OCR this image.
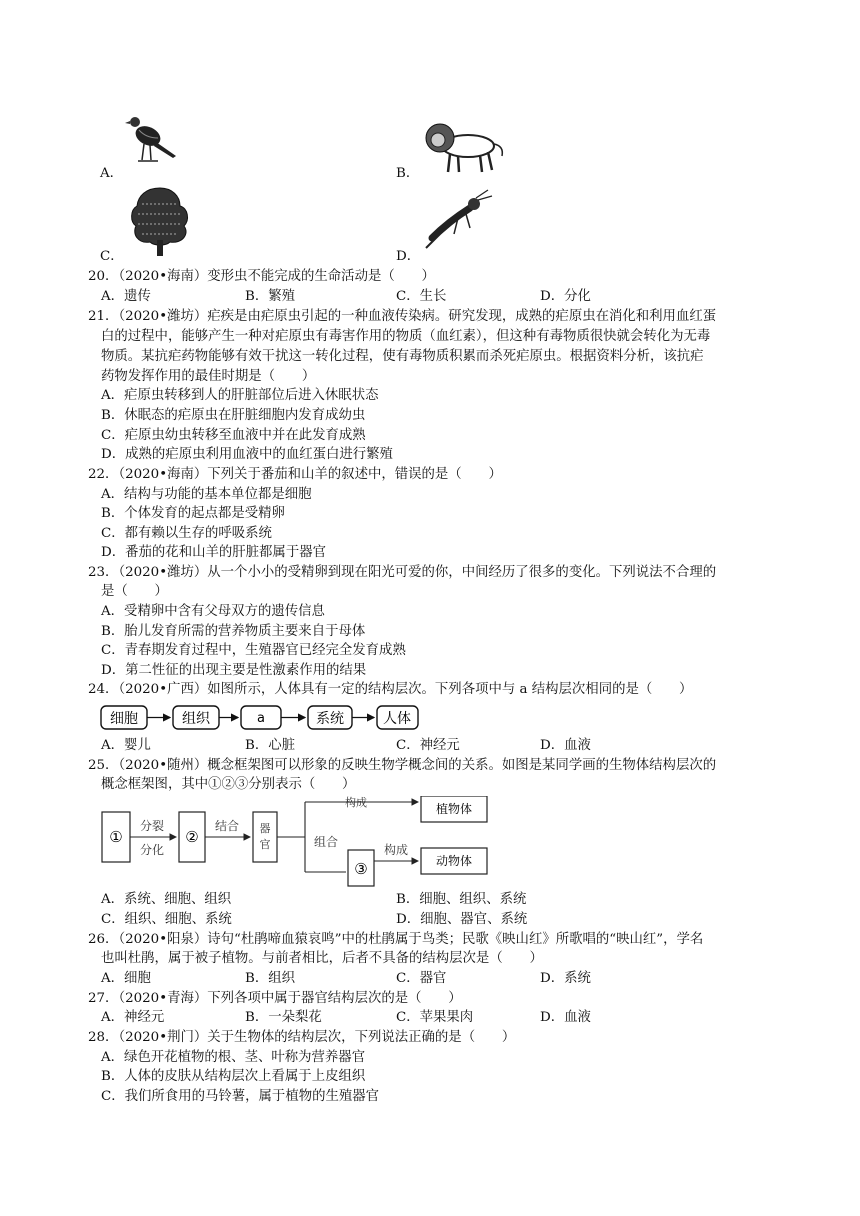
A．	B．
C．	D．
20．（2020•海南）变形虫不能完成的生命活动是（　　）
A．遗传	B．繁殖	C．生长	D．分化
21．（2020•潍坊）疟疾是由疟原虫引起的一种血液传染病。研究发现，成熟的疟原虫在消化和利用血红蛋
白的过程中，能够产生一种对疟原虫有毒害作用的物质（血红素），但这种有毒物质很快就会转化为无毒
物质。某抗疟药物能够有效干扰这一转化过程，使有毒物质积累而杀死疟原虫。根据资料分析，该抗疟
药物发挥作用的最佳时期是（　　）
A．疟原虫转移到人的肝脏部位后进入休眠状态
B．休眠态的疟原虫在肝脏细胞内发育成幼虫
C．疟原虫幼虫转移至血液中并在此发育成熟
D．成熟的疟原虫利用血液中的血红蛋白进行繁殖
22．（2020•海南）下列关于番茄和山羊的叙述中，错误的是（　　）
A．结构与功能的基本单位都是细胞
B．个体发育的起点都是受精卵
C．都有赖以生存的呼吸系统
D．番茄的花和山羊的肝脏都属于器官
23．（2020•潍坊）从一个小小的受精卵到现在阳光可爱的你，中间经历了很多的变化。下列说法不合理的
是（　　）
A．受精卵中含有父母双方的遗传信息
B．胎儿发育所需的营养物质主要来自于母体
C．青春期发育过程中，生殖器官已经完全发育成熟
D．第二性征的出现主要是性激素作用的结果
24．（2020•广西）如图所示，人体具有一定的结构层次。下列各项中与 a 结构层次相同的是（　　）
细胞	组织	a	系统	人体
A．婴儿	B．心脏	C．神经元	D．血液
25．（2020•随州）概念框架图可以形象的反映生物学概念间的关系。如图是某同学画的生物体结构层次的
概念框架图，其中①②③分别表示（　　）
①
分裂
分化
②
结合 器
官
构成
组合
③
构成
植物体
动物体
A．系统、细胞、组织	B．细胞、组织、系统
C．组织、细胞、系统	D．细胞、器官、系统
26．（2020•阳泉）诗句“杜鹃啼血猿哀鸣”中的杜鹃属于鸟类；民歌《映山红》所歌唱的“映山红”，学名
也叫杜鹃，属于被子植物。与前者相比，后者不具备的结构层次是（　　）
A．细胞	B．组织	C．器官	D．系统
27．（2020•青海）下列各项中属于器官结构层次的是（　　）
A．神经元	B．一朵梨花	C．苹果果肉	D．血液
28．（2020•荆门）关于生物体的结构层次，下列说法正确的是（　　）
A．绿色开花植物的根、茎、叶称为营养器官
B．人体的皮肤从结构层次上看属于上皮组织
C．我们所食用的马铃薯，属于植物的生殖器官
